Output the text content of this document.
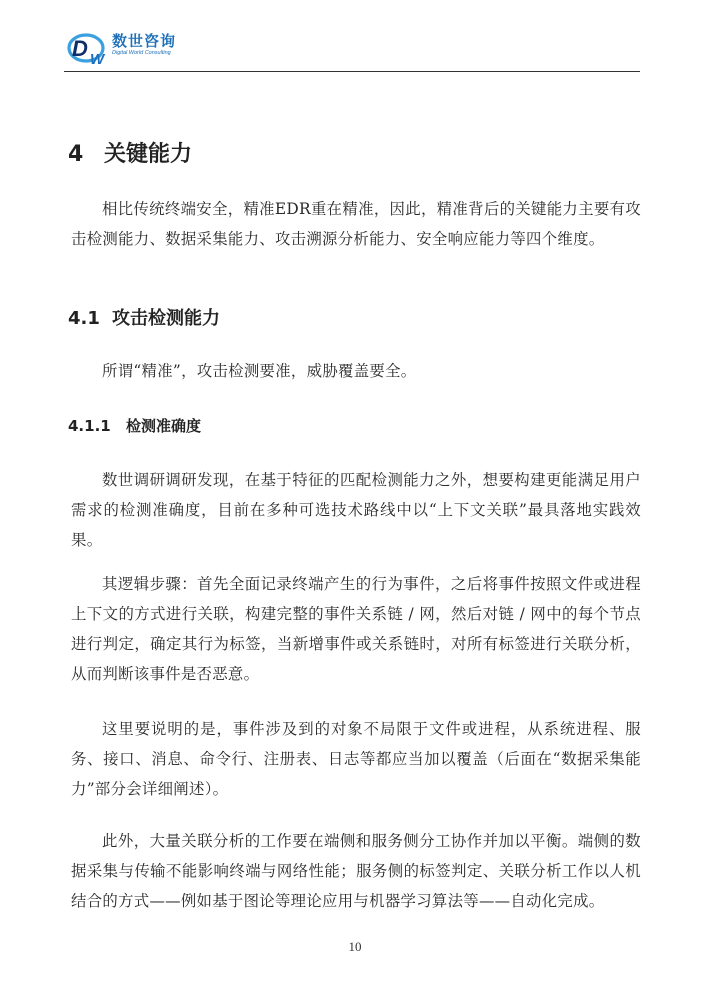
D W
数世咨询
Digital World Consulting
4 关键能力

相比传统终端安全，精准EDR重在精准，因此，精准背后的关键能力主要有攻击检测能力、数据采集能力、攻击溯源分析能力、安全响应能力等四个维度。

4.1 攻击检测能力

所谓“精准”，攻击检测要准，威胁覆盖要全。

4.1.1 检测准确度

数世调研调研发现，在基于特征的匹配检测能力之外，想要构建更能满足用户需求的检测准确度，目前在多种可选技术路线中以“上下文关联”最具落地实践效果。

其逻辑步骤：首先全面记录终端产生的行为事件，之后将事件按照文件或进程上下文的方式进行关联，构建完整的事件关系链 / 网，然后对链 / 网中的每个节点进行判定，确定其行为标签，当新增事件或关系链时，对所有标签进行关联分析，从而判断该事件是否恶意。

这里要说明的是，事件涉及到的对象不局限于文件或进程，从系统进程、服务、接口、消息、命令行、注册表、日志等都应当加以覆盖（后面在“数据采集能力”部分会详细阐述）。

此外，大量关联分析的工作要在端侧和服务侧分工协作并加以平衡。端侧的数据采集与传输不能影响终端与网络性能；服务侧的标签判定、关联分析工作以人机结合的方式——例如基于图论等理论应用与机器学习算法等——自动化完成。

10
